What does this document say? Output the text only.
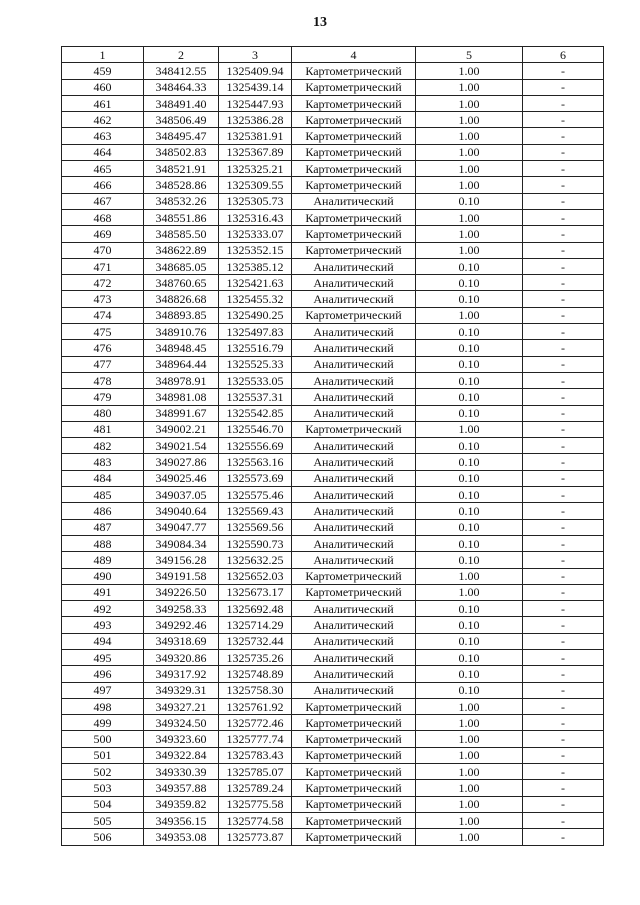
13
1	2	3	4	5	6
459	348412.55	1325409.94	Картометрический	1.00	-
460	348464.33	1325439.14	Картометрический	1.00	-
461	348491.40	1325447.93	Картометрический	1.00	-
462	348506.49	1325386.28	Картометрический	1.00	-
463	348495.47	1325381.91	Картометрический	1.00	-
464	348502.83	1325367.89	Картометрический	1.00	-
465	348521.91	1325325.21	Картометрический	1.00	-
466	348528.86	1325309.55	Картометрический	1.00	-
467	348532.26	1325305.73	Аналитический	0.10	-
468	348551.86	1325316.43	Картометрический	1.00	-
469	348585.50	1325333.07	Картометрический	1.00	-
470	348622.89	1325352.15	Картометрический	1.00	-
471	348685.05	1325385.12	Аналитический	0.10	-
472	348760.65	1325421.63	Аналитический	0.10	-
473	348826.68	1325455.32	Аналитический	0.10	-
474	348893.85	1325490.25	Картометрический	1.00	-
475	348910.76	1325497.83	Аналитический	0.10	-
476	348948.45	1325516.79	Аналитический	0.10	-
477	348964.44	1325525.33	Аналитический	0.10	-
478	348978.91	1325533.05	Аналитический	0.10	-
479	348981.08	1325537.31	Аналитический	0.10	-
480	348991.67	1325542.85	Аналитический	0.10	-
481	349002.21	1325546.70	Картометрический	1.00	-
482	349021.54	1325556.69	Аналитический	0.10	-
483	349027.86	1325563.16	Аналитический	0.10	-
484	349025.46	1325573.69	Аналитический	0.10	-
485	349037.05	1325575.46	Аналитический	0.10	-
486	349040.64	1325569.43	Аналитический	0.10	-
487	349047.77	1325569.56	Аналитический	0.10	-
488	349084.34	1325590.73	Аналитический	0.10	-
489	349156.28	1325632.25	Аналитический	0.10	-
490	349191.58	1325652.03	Картометрический	1.00	-
491	349226.50	1325673.17	Картометрический	1.00	-
492	349258.33	1325692.48	Аналитический	0.10	-
493	349292.46	1325714.29	Аналитический	0.10	-
494	349318.69	1325732.44	Аналитический	0.10	-
495	349320.86	1325735.26	Аналитический	0.10	-
496	349317.92	1325748.89	Аналитический	0.10	-
497	349329.31	1325758.30	Аналитический	0.10	-
498	349327.21	1325761.92	Картометрический	1.00	-
499	349324.50	1325772.46	Картометрический	1.00	-
500	349323.60	1325777.74	Картометрический	1.00	-
501	349322.84	1325783.43	Картометрический	1.00	-
502	349330.39	1325785.07	Картометрический	1.00	-
503	349357.88	1325789.24	Картометрический	1.00	-
504	349359.82	1325775.58	Картометрический	1.00	-
505	349356.15	1325774.58	Картометрический	1.00	-
506	349353.08	1325773.87	Картометрический	1.00	-
